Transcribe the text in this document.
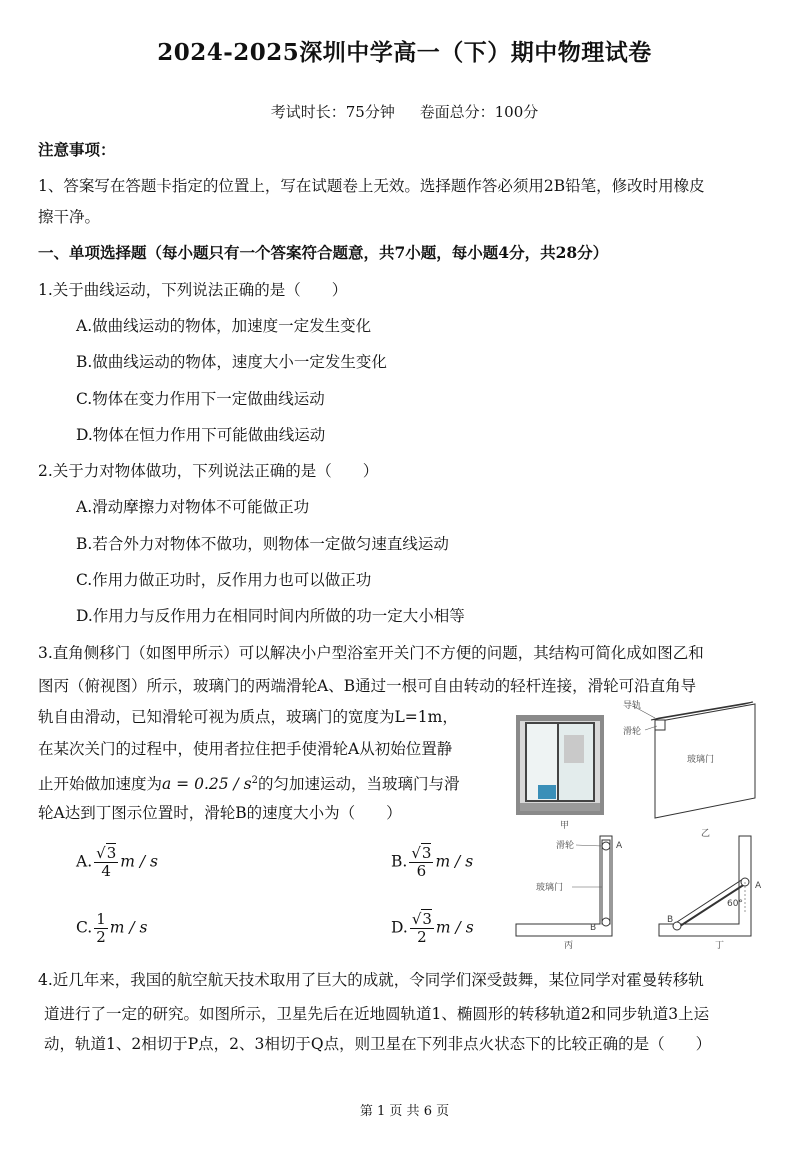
2024-2025深圳中学高一（下）期中物理试卷
考试时长：75分钟 卷面总分：100分
注意事项：
1、答案写在答题卡指定的位置上，写在试题卷上无效。选择题作答必须用2B铅笔，修改时用橡皮
擦干净。
一、单项选择题（每小题只有一个答案符合题意，共7小题，每小题4分，共28分）
1.关于曲线运动，下列说法正确的是（　　）
A.做曲线运动的物体，加速度一定发生变化
B.做曲线运动的物体，速度大小一定发生变化
C.物体在变力作用下一定做曲线运动
D.物体在恒力作用下可能做曲线运动
2.关于力对物体做功，下列说法正确的是（　　）
A.滑动摩擦力对物体不可能做正功
B.若合外力对物体不做功，则物体一定做匀速直线运动
C.作用力做正功时，反作用力也可以做正功
D.作用力与反作用力在相同时间内所做的功一定大小相等
3.直角侧移门（如图甲所示）可以解决小户型浴室开关门不方便的问题，其结构可简化成如图乙和
图丙（俯视图）所示，玻璃门的两端滑轮A、B通过一根可自由转动的轻杆连接，滑轮可沿直角导
轨自由滑动，已知滑轮可视为质点，玻璃门的宽度为L=1m，
在某次关门的过程中，使用者拉住把手使滑轮A从初始位置静
止开始做加速度为$a = 0.25 / s^2$的匀加速运动，当玻璃门与滑
轮A达到丁图示位置时，滑轮B的速度大小为（　　）
A. $\frac{√3}{4}$ m / s	B. $\frac{√3}{6}$ m / s
C. $\frac{1}{2}$ m / s	D. $\frac{√3}{2}$ m / s
甲
导轨
滑轮
玻璃门
乙
A
B
滑轮
玻璃门
丙
A
B
60°
丁
4.近几年来，我国的航空航天技术取用了巨大的成就，令同学们深受鼓舞，某位同学对霍曼转移轨
道进行了一定的研究。如图所示，卫星先后在近地圆轨道1、椭圆形的转移轨道2和同步轨道3上运
动，轨道1、2相切于P点，2、3相切于Q点，则卫星在下列非点火状态下的比较正确的是（　　）
第 1 页 共 6 页
